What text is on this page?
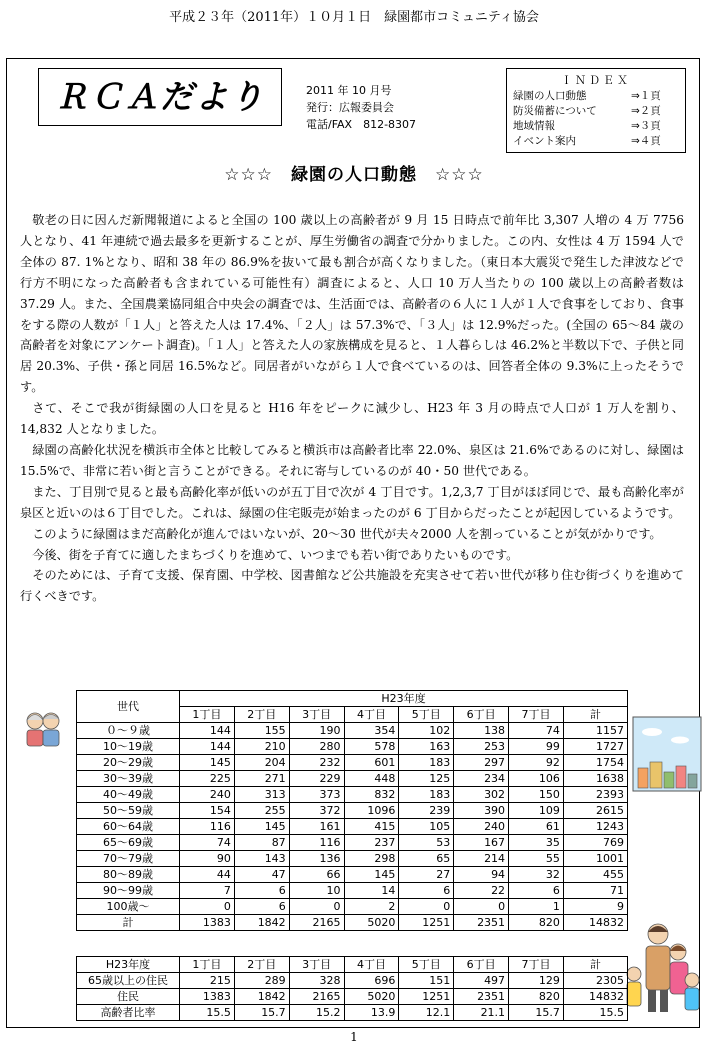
平成２３年（2011年）１０月１日　緑園都市コミュニティ協会
ＲＣＡだより	2011 年 10 月号
発行：広報委員会
電話/FAX　812-8307
ＩＮＤＥＸ
緑園の人口動態	⇒１頁
防災備蓄について	⇒２頁
地域情報	⇒３頁
イベント案内	⇒４頁
☆☆☆　緑園の人口動態　☆☆☆

敬老の日に因んだ新聞報道によると全国の 100 歳以上の高齢者が 9 月 15 日時点で前年比 3,307 人増の 4 万 7756 人となり、41 年連続で過去最多を更新することが、厚生労働省の調査で分かりました。この内、女性は 4 万 1594 人で全体の 87. 1%となり、昭和 38 年の 86.9%を抜いて最も割合が高くなりました。（東日本大震災で発生した津波などで行方不明になった高齢者も含まれている可能性有）調査によると、人口 10 万人当たりの 100 歳以上の高齢者数は 37.29 人。また、全国農業協同組合中央会の調査では、生活面では、高齢者の６人に１人が１人で食事をしており、食事をする際の人数が「１人」と答えた人は 17.4%、「２人」は 57.3%で、「３人」は 12.9%だった。(全国の 65～84 歳の高齢者を対象にアンケート調査)。「１人」と答えた人の家族構成を見ると、１人暮らしは 46.2%と半数以下で、子供と同居 20.3%、子供・孫と同居 16.5%など。同居者がいながら１人で食べているのは、回答者全体の 9.3%に上ったそうです。

さて、そこで我が街緑園の人口を見ると H16 年をピークに減少し、H23 年 3 月の時点で人口が 1 万人を割り、14,832 人となりました。

緑園の高齢化状況を横浜市全体と比較してみると横浜市は高齢者比率 22.0%、泉区は 21.6%であるのに対し、緑園は 15.5%で、非常に若い街と言うことができる。それに寄与しているのが 40・50 世代である。

また、丁目別で見ると最も高齢化率が低いのが五丁目で次が 4 丁目です。1,2,3,7 丁目がほぼ同じで、最も高齢化率が泉区と近いのは６丁目でした。これは、緑園の住宅販売が始まったのが 6 丁目からだったことが起因しているようです。

このように緑園はまだ高齢化が進んではいないが、20～30 世代が夫々2000 人を割っていることが気がかりです。

今後、街を子育てに適したまちづくりを進めて、いつまでも若い街でありたいものです。

そのためには、子育て支援、保育園、中学校、図書館など公共施設を充実させて若い世代が移り住む街づくりを進めて行くべきです。

世代	H23年度							
	1丁目	2丁目	3丁目	4丁目	5丁目	6丁目	7丁目	計
０～９歳	144	155	190	354	102	138	74	1157
10～19歳	144	210	280	578	163	253	99	1727
20～29歳	145	204	232	601	183	297	92	1754
30～39歳	225	271	229	448	125	234	106	1638
40～49歳	240	313	373	832	183	302	150	2393
50～59歳	154	255	372	1096	239	390	109	2615
60～64歳	116	145	161	415	105	240	61	1243
65～69歳	74	87	116	237	53	167	35	769
70～79歳	90	143	136	298	65	214	55	1001
80～89歳	44	47	66	145	27	94	32	455
90～99歳	7	6	10	14	6	22	6	71
100歳～	0	6	0	2	0	0	1	9
計	1383	1842	2165	5020	1251	2351	820	14832
H23年度	1丁目	2丁目	3丁目	4丁目	5丁目	6丁目	7丁目	計
65歳以上の住民	215	289	328	696	151	497	129	2305
住民	1383	1842	2165	5020	1251	2351	820	14832
高齢者比率	15.5	15.7	15.2	13.9	12.1	21.1	15.7	15.5
1
